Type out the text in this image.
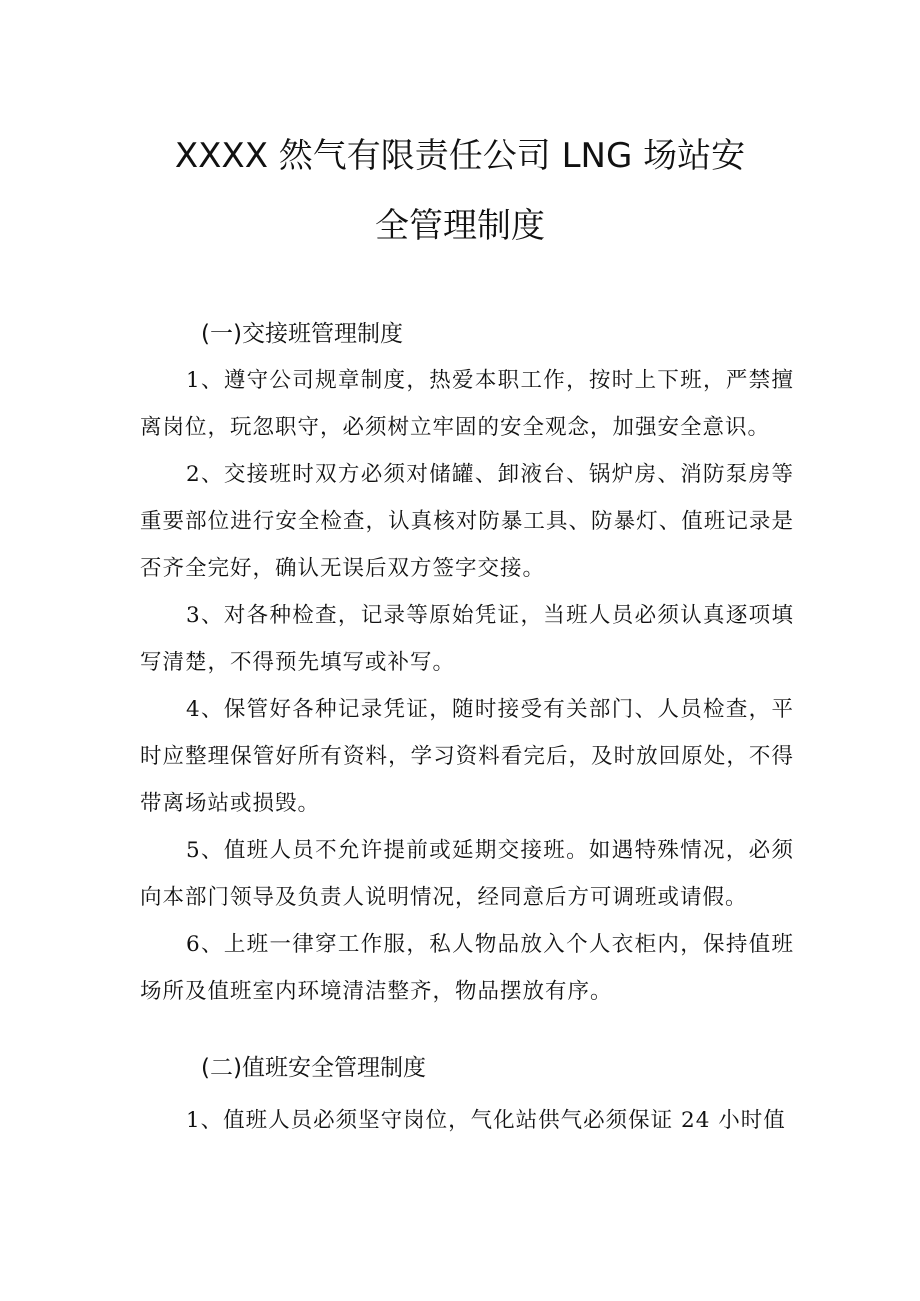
XXXX 然气有限责任公司 LNG 场站安
全管理制度
(一)交接班管理制度
1、遵守公司规章制度，热爱本职工作，按时上下班，严禁擅离岗位，玩忽职守，必须树立牢固的安全观念，加强安全意识。
2、交接班时双方必须对储罐、卸液台、锅炉房、消防泵房等重要部位进行安全检查，认真核对防暴工具、防暴灯、值班记录是否齐全完好，确认无误后双方签字交接。
3、对各种检查，记录等原始凭证，当班人员必须认真逐项填写清楚，不得预先填写或补写。
4、保管好各种记录凭证，随时接受有关部门、人员检查，平时应整理保管好所有资料，学习资料看完后，及时放回原处，不得带离场站或损毁。
5、值班人员不允许提前或延期交接班。如遇特殊情况，必须向本部门领导及负责人说明情况，经同意后方可调班或请假。
6、上班一律穿工作服，私人物品放入个人衣柜内，保持值班场所及值班室内环境清洁整齐，物品摆放有序。
(二)值班安全管理制度
1、值班人员必须坚守岗位，气化站供气必须保证 24 小时值
